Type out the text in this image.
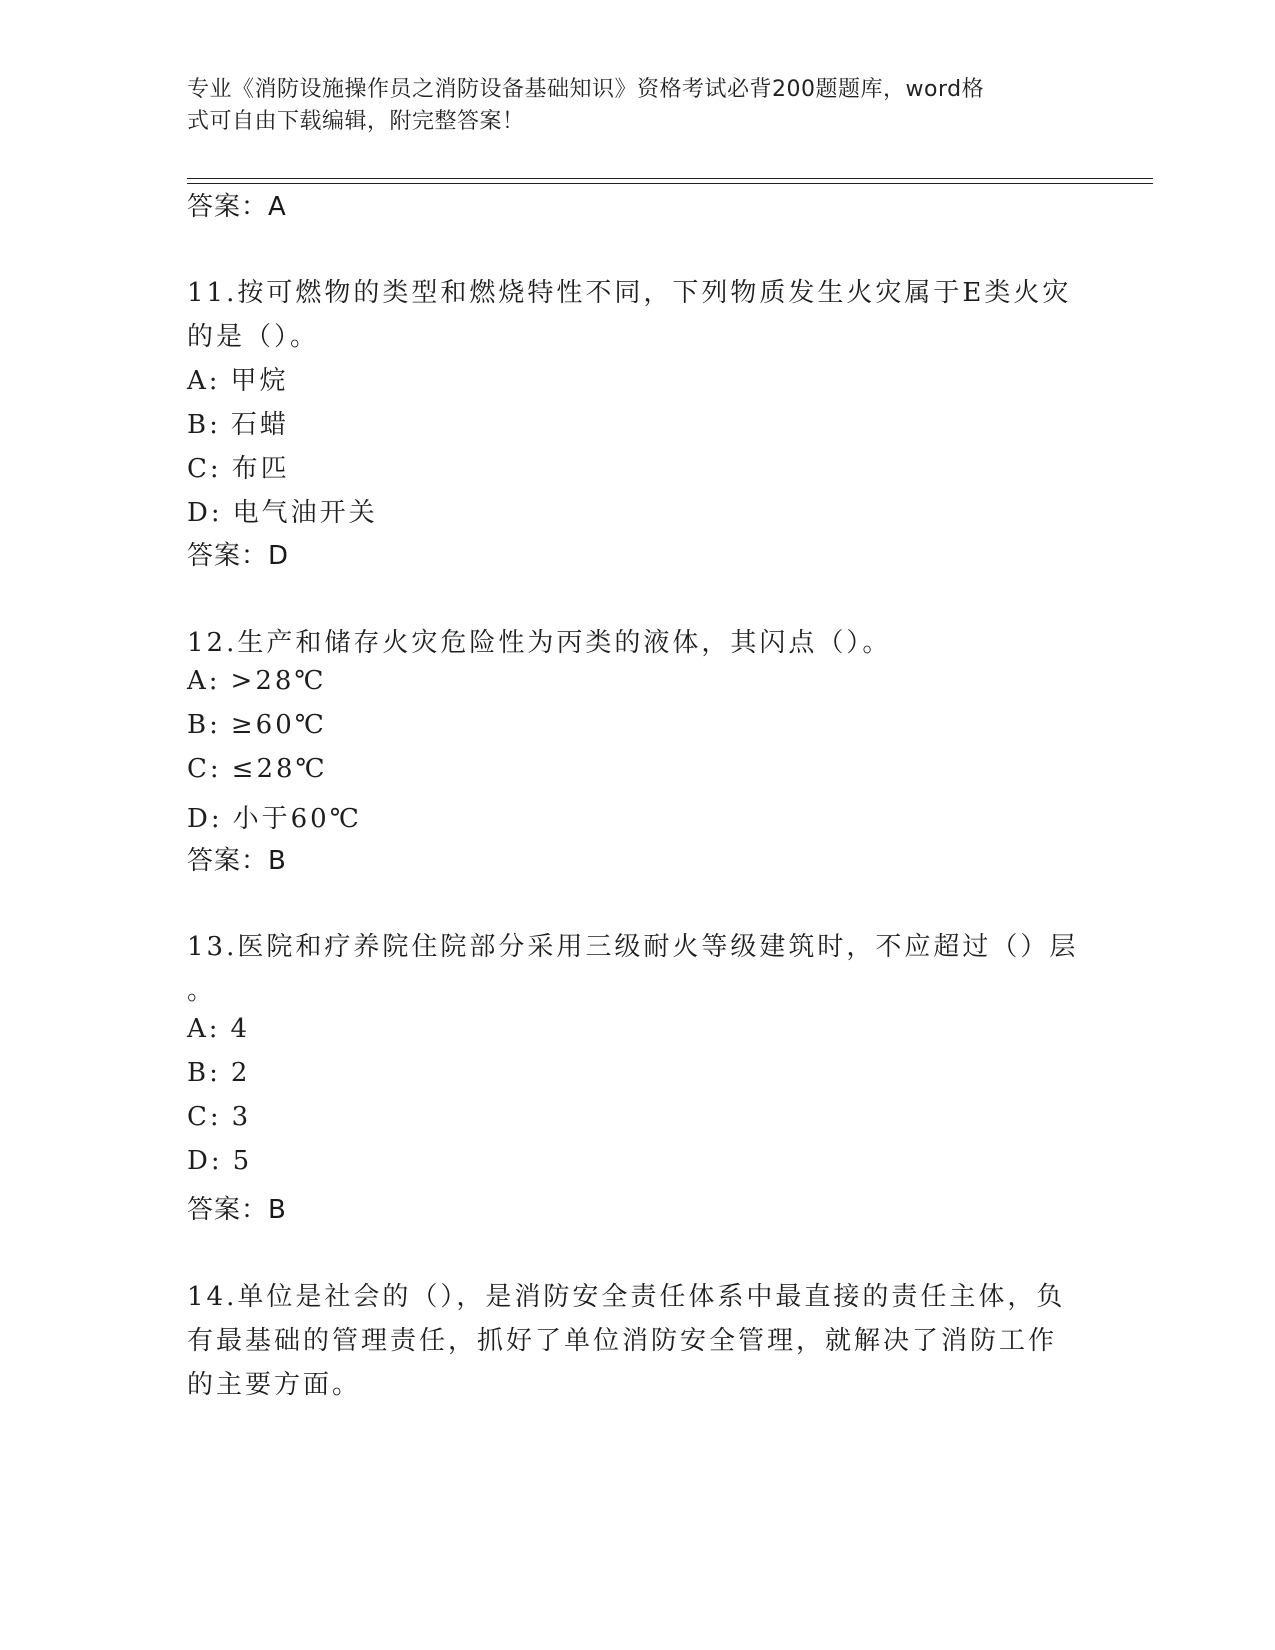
专业《消防设施操作员之消防设备基础知识》资格考试必背200题题库，word格
式可自由下载编辑，附完整答案！
答案：A
11.按可燃物的类型和燃烧特性不同，下列物质发生火灾属于E类火灾
的是（）。
A: 甲烷
B: 石蜡
C: 布匹
D: 电气油开关
答案：D
12.生产和储存火灾危险性为丙类的液体，其闪点（）。
A: >28℃
B: ≥60℃
C: ≤28℃
D: 小于60℃
答案：B
13.医院和疗养院住院部分采用三级耐火等级建筑时，不应超过（）层
。
A: 4
B: 2
C: 3
D: 5
答案：B
14.单位是社会的（），是消防安全责任体系中最直接的责任主体，负
有最基础的管理责任，抓好了单位消防安全管理，就解决了消防工作
的主要方面。
